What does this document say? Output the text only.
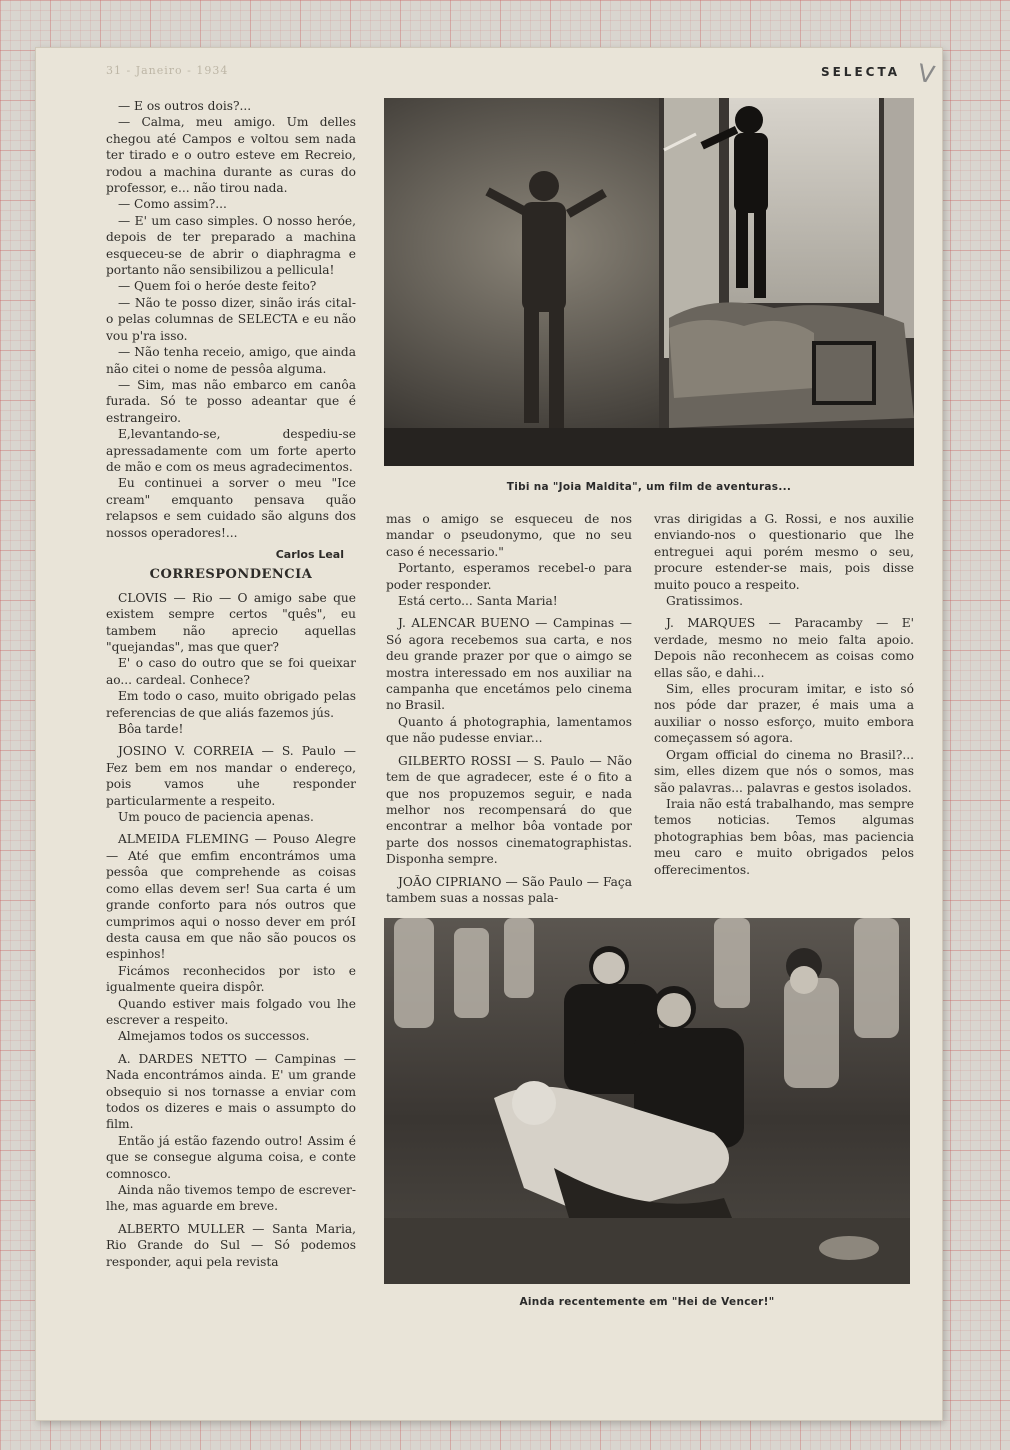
31 - Janeiro - 1934	SELECTA V

— E os outros dois?...

— Calma, meu amigo. Um delles chegou até Campos e voltou sem nada ter tirado e o outro esteve em Recreio, rodou a machina durante as curas do professor, e... não tirou nada.

— Como assim?...

— E' um caso simples. O nosso heróe, depois de ter preparado a machina esqueceu-se de abrir o diaphragma e portanto não sensibilizou a pellicula!

— Quem foi o heróe deste feito?

— Não te posso dizer, sinão irás cital-o pelas columnas de SELECTA e eu não vou p'ra isso.

— Não tenha receio, amigo, que ainda não citei o nome de pessôa alguma.

— Sim, mas não embarco em canôa furada. Só te posso adeantar que é estrangeiro.

E,levantando-se, despediu-se apressadamente com um forte aperto de mão e com os meus agradecimentos.

Eu continuei a sorver o meu "Ice cream" emquanto pensava quão relapsos e sem cuidado são alguns dos nossos operadores!...

Carlos Leal
CORRESPONDENCIA

CLOVIS — Rio — O amigo sabe que existem sempre certos "quês", eu tambem não aprecio aquellas "quejandas", mas que quer?

E' o caso do outro que se foi queixar ao... cardeal. Conhece?

Em todo o caso, muito obrigado pelas referencias de que aliás fazemos jús.

Bôa tarde!

JOSINO V. CORREIA — S. Paulo — Fez bem em nos mandar o endereço, pois vamos uhe responder particularmente a respeito.

Um pouco de paciencia apenas.

ALMEIDA FLEMING — Pouso Alegre — Até que emfim encontrámos uma pessôa que comprehende as coisas como ellas devem ser! Sua carta é um grande conforto para nós outros que cumprimos aqui o nosso dever em próI desta causa em que não são poucos os espinhos!

Ficámos reconhecidos por isto e igualmente queira dispôr.

Quando estiver mais folgado vou lhe escrever a respeito.

Almejamos todos os successos.

A. DARDES NETTO — Campinas — Nada encontrámos ainda. E' um grande obsequio si nos tornasse a enviar com todos os dizeres e mais o assumpto do film.

Então já estão fazendo outro! Assim é que se consegue alguma coisa, e conte comnosco.

Ainda não tivemos tempo de escrever-lhe, mas aguarde em breve.

ALBERTO MULLER — Santa Maria, Rio Grande do Sul — Só podemos responder, aqui pela revista

mas o amigo se esqueceu de nos mandar o pseudonymo, que no seu caso é necessario."

Portanto, esperamos recebel-o para poder responder.

Está certo... Santa Maria!

J. ALENCAR BUENO — Campinas — Só agora recebemos sua carta, e nos deu grande prazer por que o aimgo se mostra interessado em nos auxiliar na campanha que encetámos pelo cinema no Brasil.

Quanto á photographia, lamentamos que não pudesse enviar...

GILBERTO ROSSI — S. Paulo — Não tem de que agradecer, este é o fito a que nos propuzemos seguir, e nada melhor nos recompensará do que encontrar a melhor bôa vontade por parte dos nossos cinematographistas. Disponha sempre.

JOÃO CIPRIANO — São Paulo — Faça tambem suas a nossas pala-

vras dirigidas a G. Rossi, e nos auxilie enviando-nos o questionario que lhe entreguei aqui porém mesmo o seu, procure estender-se mais, pois disse muito pouco a respeito.

Gratissimos.

J. MARQUES — Paracamby — E' verdade, mesmo no meio falta apoio. Depois não reconhecem as coisas como ellas são, e dahi...

Sim, elles procuram imitar, e isto só nos póde dar prazer, é mais uma a auxiliar o nosso esforço, muito embora começassem só agora.

Orgam official do cinema no Brasil?... sim, elles dizem que nós o somos, mas são palavras... palavras e gestos isolados.

Iraia não está trabalhando, mas sempre temos noticias. Temos algumas photographias bem bôas, mas paciencia meu caro e muito obrigados pelos offerecimentos.

Tibi na "Joia Maldita", um film de aventuras...
Ainda recentemente em "Hei de Vencer!"
